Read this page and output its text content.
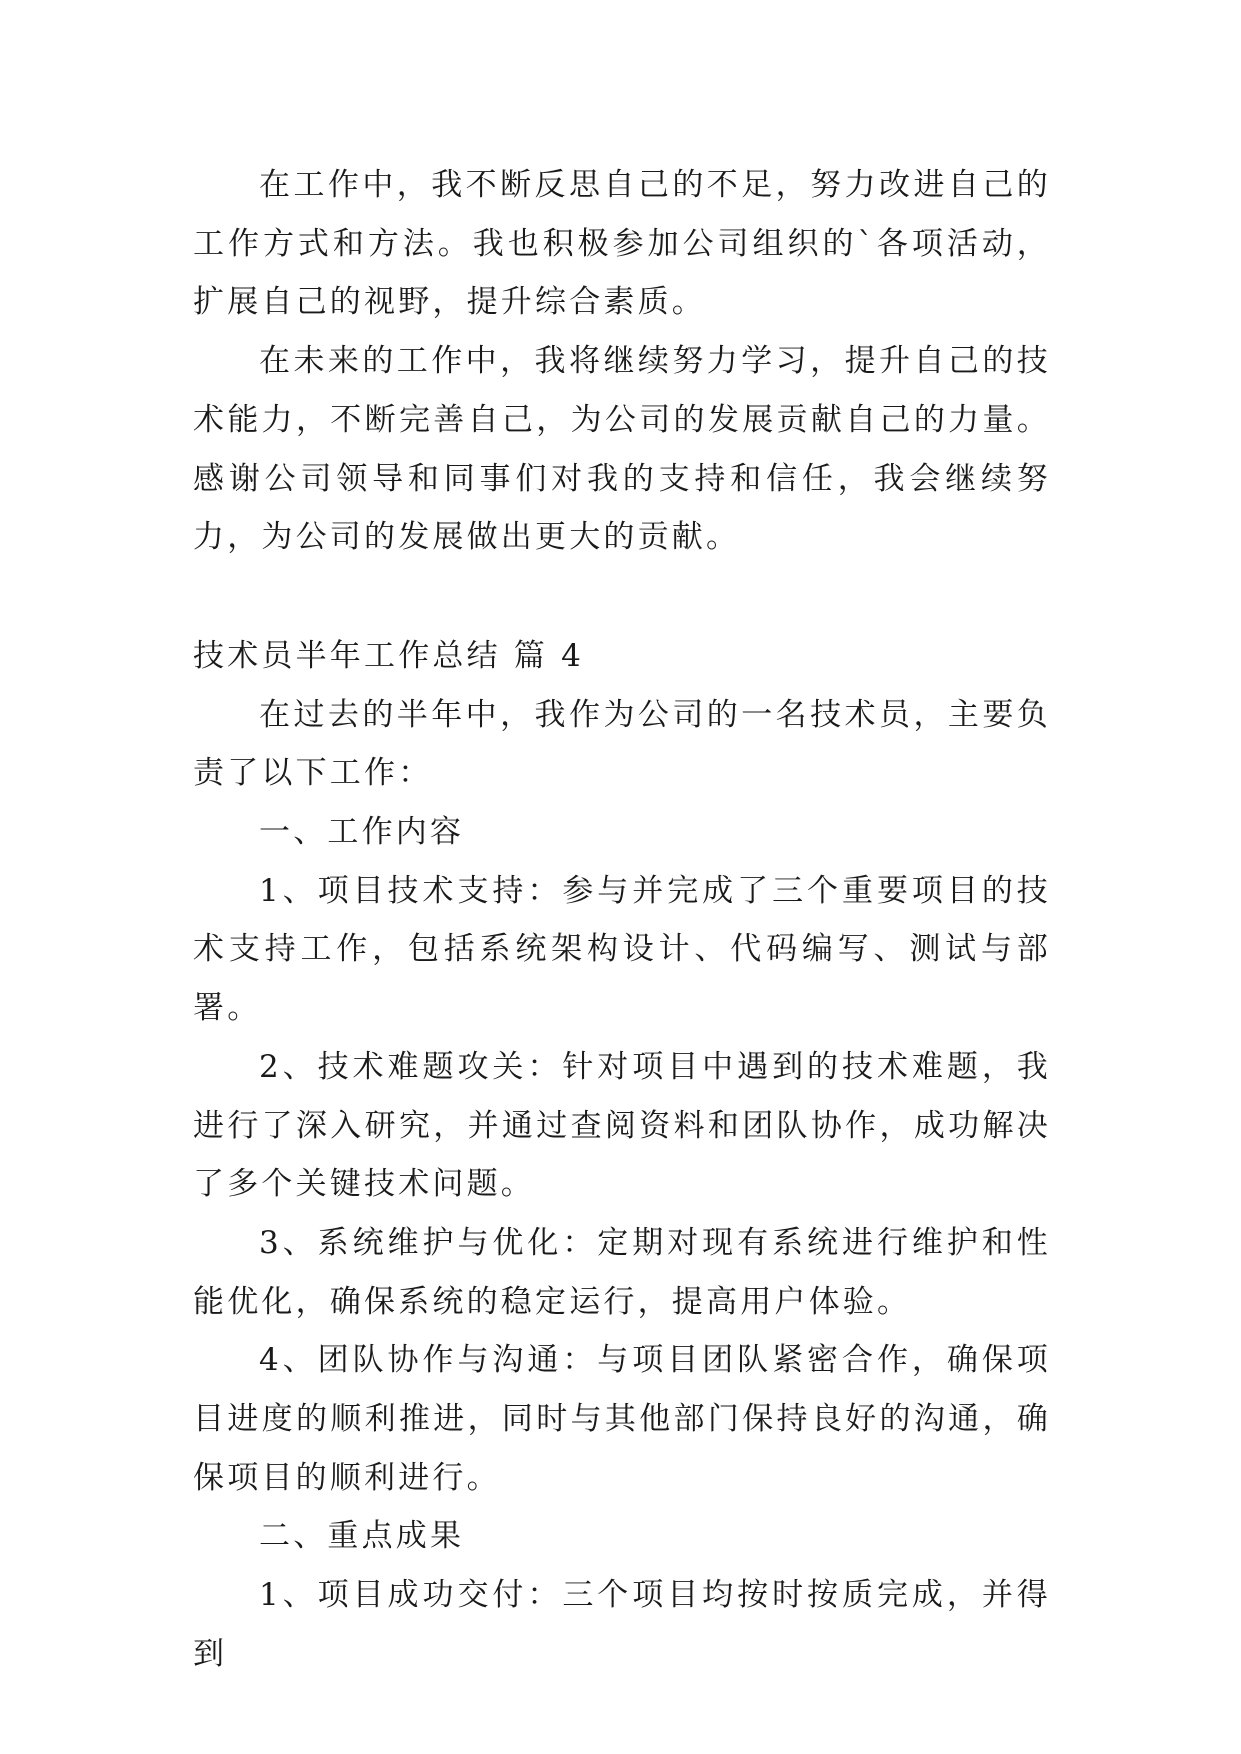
在工作中，我不断反思自己的不足，努力改进自己的工作方式和方法。我也积极参加公司组织的`各项活动，扩展自己的视野，提升综合素质。

在未来的工作中，我将继续努力学习，提升自己的技术能力，不断完善自己，为公司的发展贡献自己的力量。感谢公司领导和同事们对我的支持和信任，我会继续努力，为公司的发展做出更大的贡献。

技术员半年工作总结 篇 4

在过去的半年中，我作为公司的一名技术员，主要负责了以下工作：

一、工作内容

1、项目技术支持：参与并完成了三个重要项目的技术支持工作，包括系统架构设计、代码编写、测试与部署。

2、技术难题攻关：针对项目中遇到的技术难题，我进行了深入研究，并通过查阅资料和团队协作，成功解决了多个关键技术问题。

3、系统维护与优化：定期对现有系统进行维护和性能优化，确保系统的稳定运行，提高用户体验。

4、团队协作与沟通：与项目团队紧密合作，确保项目进度的顺利推进，同时与其他部门保持良好的沟通，确保项目的顺利进行。

二、重点成果

1、项目成功交付：三个项目均按时按质完成，并得到
